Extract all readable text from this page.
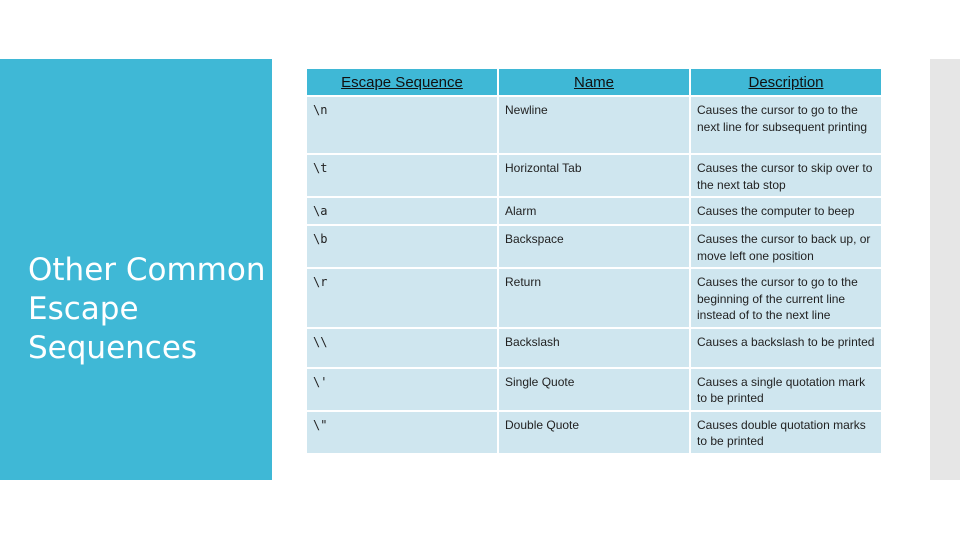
Other Common Escape Sequences
Escape Sequence	Name	Description
\n	Newline	Causes the cursor to go to the next line for subsequent printing
\t	Horizontal Tab	Causes the cursor to skip over to the next tab stop
\a	Alarm	Causes the computer to beep
\b	Backspace	Causes the cursor to back up, or move left one position
\r	Return	Causes the cursor to go to the beginning of the current line instead of to the next line
\\	Backslash	Causes a backslash to be printed
\'	Single Quote	Causes a single quotation mark to be printed
\"	Double Quote	Causes double quotation marks to be printed
